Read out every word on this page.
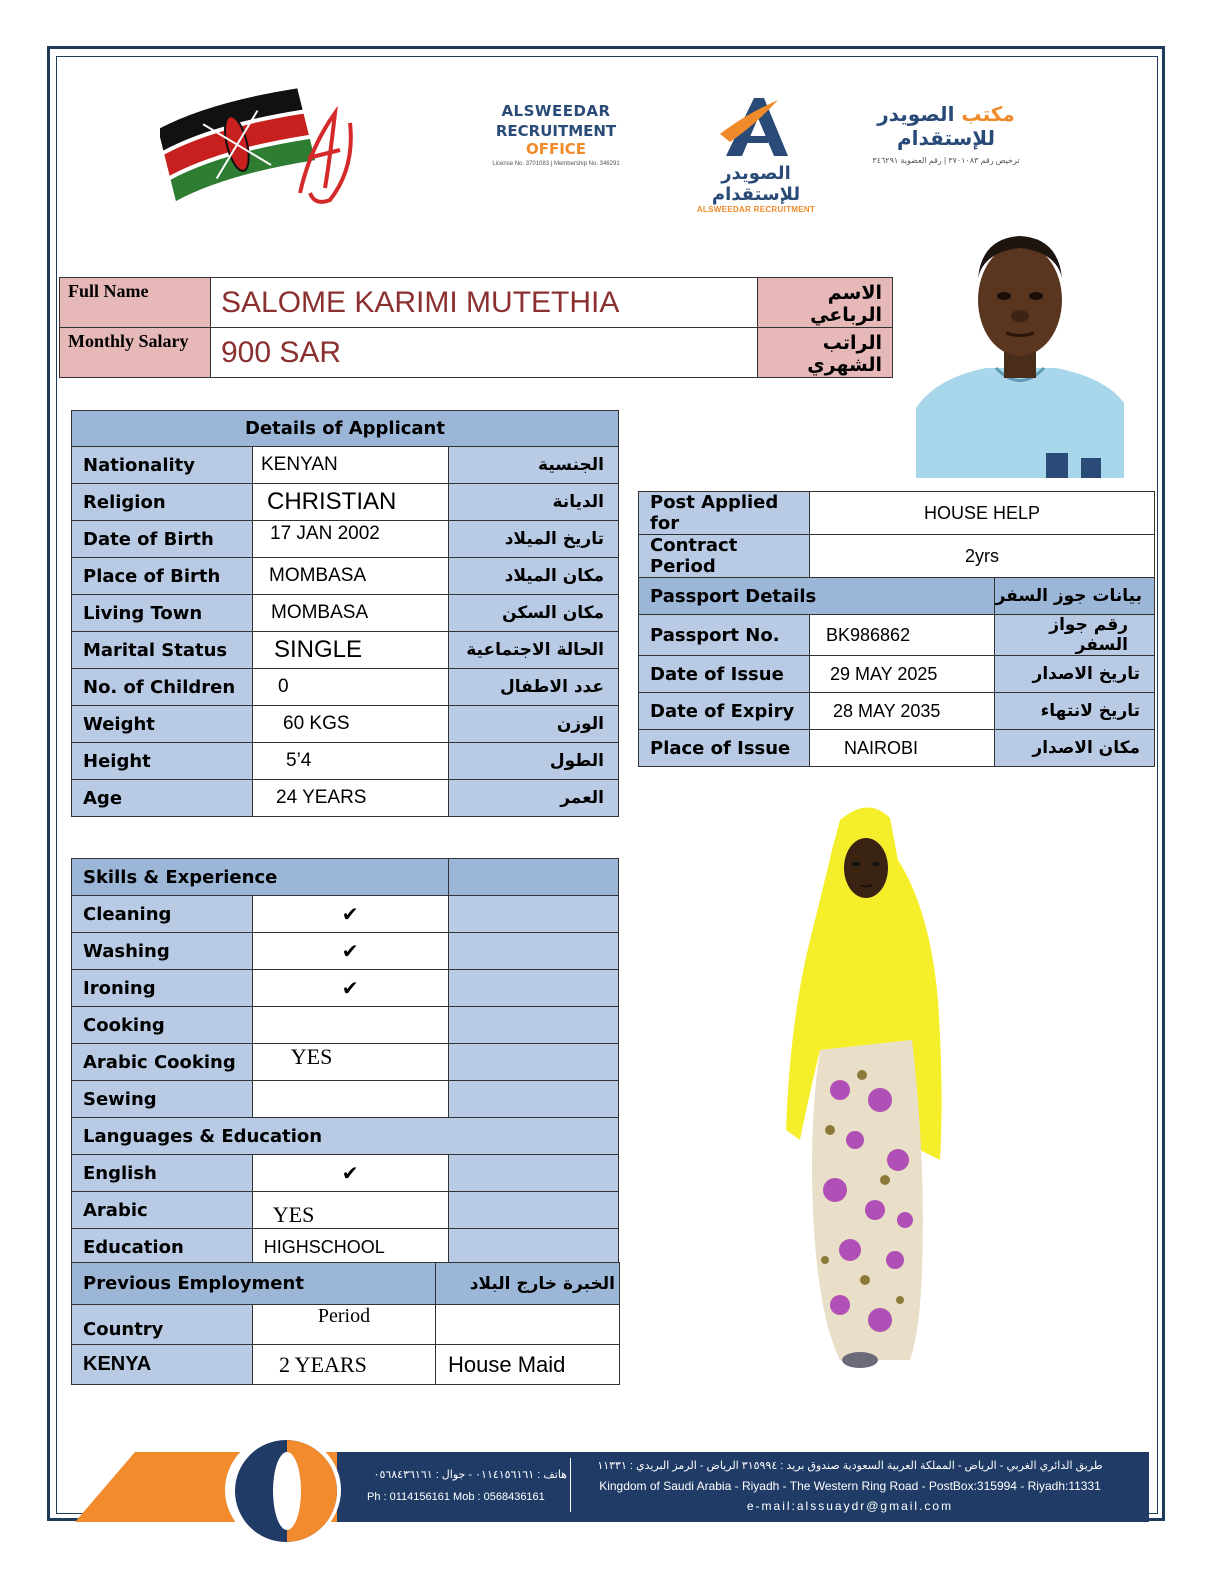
ALSWEEDAR
RECRUITMENT OFFICE
License No. 3701083 | Membership No. 346291	الصويدر للإستقدام
ALSWEEDAR RECRUITMENT
مكتب الصويدر للإستقدام
ترخيص رقم ٣٧٠١٠٨٣ | رقم العضوية ٣٤٦٢٩١
Full Name	SALOME KARIMI MUTETHIA	الاسم الرباعي
Monthly Salary	900 SAR	الراتب الشهري
Details of Applicant		
Nationality	KENYAN	الجنسية
Religion	CHRISTIAN	الديانة
Date of Birth	17 JAN 2002	تاريخ الميلاد
Place of Birth	MOMBASA	مكان الميلاد
Living Town	MOMBASA	مكان السكن
Marital Status	SINGLE	الحالة الاجتماعية
No. of Children	0	عدد الاطفال
Weight	60 KGS	الوزن
Height	5’4	الطول
Age	24 YEARS	العمر
Post Applied for	HOUSE HELP	
Contract Period	2yrs	
Passport Details		بيانات جوز السفر
Passport No.	BK986862	رقم جواز السفر
Date of Issue	29 MAY 2025	تاريخ الاصدار
Date of Expiry	28 MAY 2035	تاريخ لانتهاء
Place of Issue	NAIROBI	مكان الاصدار
Skills & Experience		
Cleaning	✔	
Washing	✔	
Ironing	✔	
Cooking		
Arabic Cooking	YES	
Sewing		
Languages & Education		
English	✔	
Arabic	YES	
Education	HIGHSCHOOL	
Previous Employment		الخبرة خارج البلاد
Country	Period	
KENYA	2 YEARS	House Maid
هاتف : ٠١١٤١٥٦١٦١ - جوال : ٠٥٦٨٤٣٦١٦١
Ph : 0114156161 Mob : 0568436161
طريق الدائري الغربي - الرياض - المملكة العربية السعودية صندوق بريد : ٣١٥٩٩٤ الرياض - الرمز البريدي : ١١٣٣١
Kingdom of Saudi Arabia - Riyadh - The Western Ring Road - PostBox:315994 - Riyadh:11331
e-mail:alssuaydr@gmail.com
